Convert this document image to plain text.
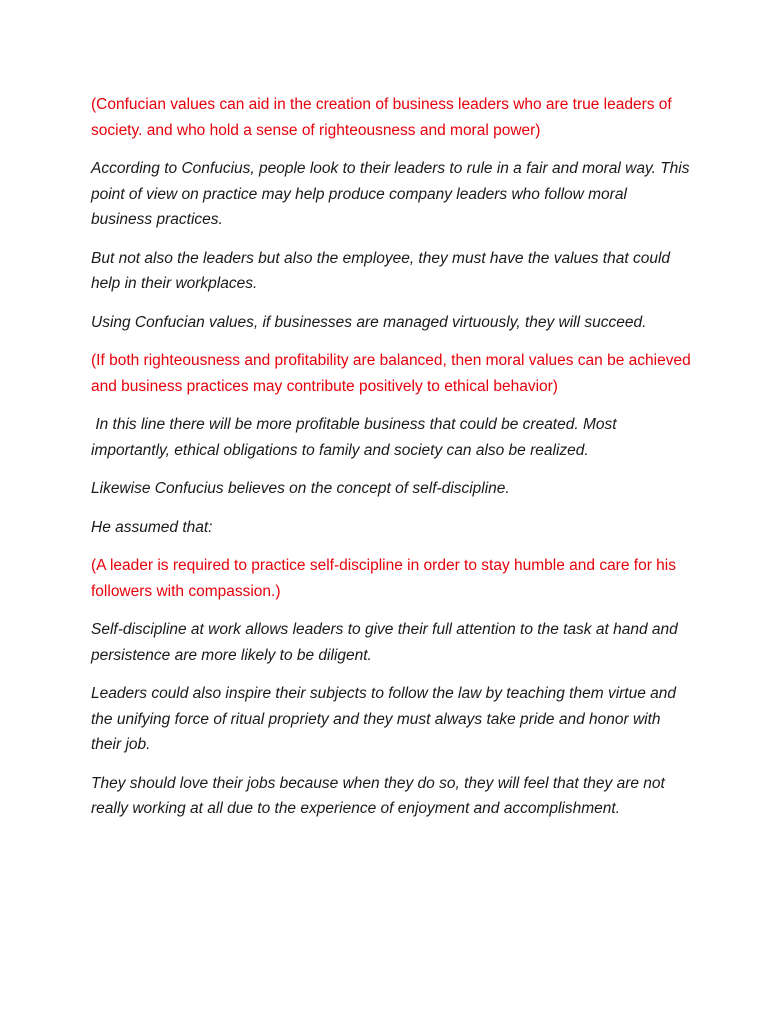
(Confucian values can aid in the creation of business leaders who are true leaders of society. and who hold a sense of righteousness and moral power)

According to Confucius, people look to their leaders to rule in a fair and moral way. This point of view on practice may help produce company leaders who follow moral business practices.

But not also the leaders but also the employee, they must have the values that could help in their workplaces.

Using Confucian values, if businesses are managed virtuously, they will succeed.

(If both righteousness and profitability are balanced, then moral values can be achieved and business practices may contribute positively to ethical behavior)

In this line there will be more profitable business that could be created. Most importantly, ethical obligations to family and society can also be realized.

Likewise Confucius believes on the concept of self-discipline.

He assumed that:

(A leader is required to practice self-discipline in order to stay humble and care for his followers with compassion.)

Self-discipline at work allows leaders to give their full attention to the task at hand and persistence are more likely to be diligent.

Leaders could also inspire their subjects to follow the law by teaching them virtue and the unifying force of ritual propriety and they must always take pride and honor with their job.

They should love their jobs because when they do so, they will feel that they are not really working at all due to the experience of enjoyment and accomplishment.
